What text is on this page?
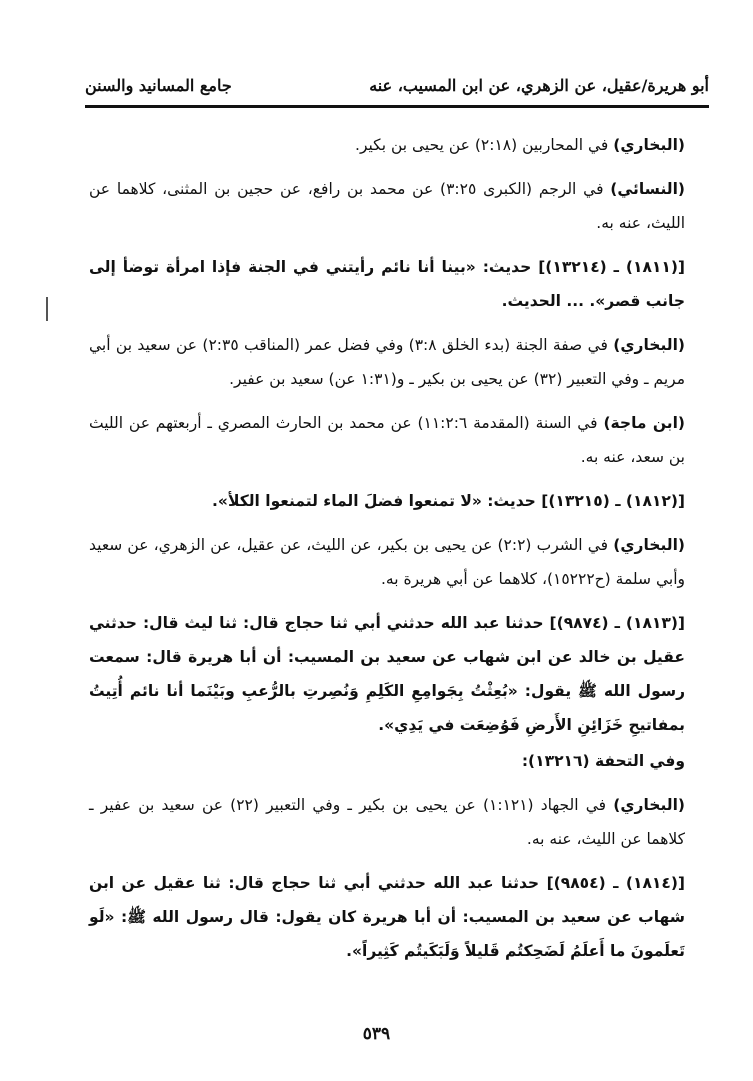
أبو هريرة/عقيل، عن الزهري، عن ابن المسيب، عنه
جامع المسانيد والسنن

(البخاري) في المحاربين (٢:١٨) عن يحيى بن بكير.

(النسائي) في الرجم (الكبرى ٣:٢٥) عن محمد بن رافع، عن حجين بن المثنى، كلاهما عن الليث، عنه به.

[(١٨١١) ـ (١٣٢١٤)] حديث: «بينا أنا نائم رأيتني في الجنة فإذا امرأة توضأ إلى جانب قصر». ... الحديث.

(البخاري) في صفة الجنة (بدء الخلق ٣:٨) وفي فضل عمر (المناقب ٢:٣٥) عن سعيد بن أبي مريم ـ وفي التعبير (٣٢) عن يحيى بن بكير ـ و(١:٣١ عن) سعيد بن عفير.

(ابن ماجة) في السنة (المقدمة ١١:٢:٦) عن محمد بن الحارث المصري ـ أربعتهم عن الليث بن سعد، عنه به.

[(١٨١٢) ـ (١٣٢١٥)] حديث: «لا تمنعوا فضلَ الماء لتمنعوا الكلأ».

(البخاري) في الشرب (٢:٢) عن يحيى بن بكير، عن الليث، عن عقيل، عن الزهري، عن سعيد وأبي سلمة (ح١٥٢٢٢)، كلاهما عن أبي هريرة به.

[(١٨١٣) ـ (٩٨٧٤)] حدثنا عبد الله حدثني أبي ثنا حجاج قال: ثنا ليث قال: حدثني عقيل بن خالد عن ابن شهاب عن سعيد بن المسيب: أن أبا هريرة قال: سمعت رسول الله ﷺ يقول: «بُعِثْتُ بِجَوامِعِ الكَلِمِ وَنُصِرتِ بالرُّعبِ وبَيْنَما أنا نائم أُتِيتُ بمفاتيحِ خَزَائِنِ الأَرضِ فَوُضِعَت في يَدِي».

وفي التحفة (١٣٢١٦):

(البخاري) في الجهاد (١:١٢١) عن يحيى بن بكير ـ وفي التعبير (٢٢) عن سعيد بن عفير ـ كلاهما عن الليث، عنه به.

[(١٨١٤) ـ (٩٨٥٤)] حدثنا عبد الله حدثني أبي ثنا حجاج قال: ثنا عقيل عن ابن شهاب عن سعيد بن المسيب: أن أبا هريرة كان يقول: قال رسول الله ﷺ: «لَو تَعلَمونَ ما أَعلَمُ لَضَحِكتُم قَليلاً وَلَبَكَيتُم كَثِيراً».

٥٣٩
